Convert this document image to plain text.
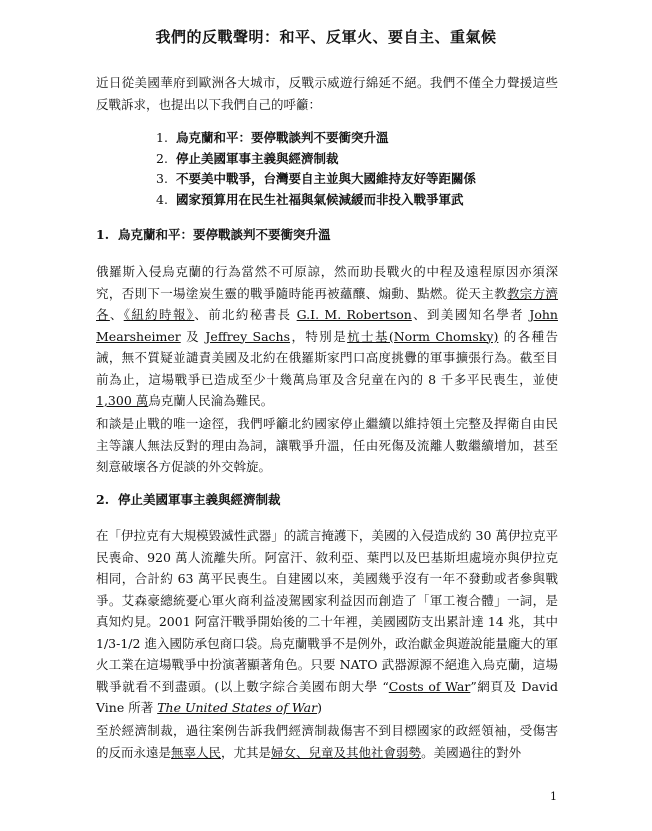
我們的反戰聲明：和平、反軍火、要自主、重氣候

近日從美國華府到歐洲各大城市，反戰示威遊行綿延不絕。我們不僅全力聲援這些反戰訴求，也提出以下我們自己的呼籲：

1. 烏克蘭和平：要停戰談判不要衝突升溫
2. 停止美國軍事主義與經濟制裁
3. 不要美中戰爭，台灣要自主並與大國維持友好等距關係
4. 國家預算用在民生社福與氣候減緩而非投入戰爭軍武
1. 烏克蘭和平：要停戰談判不要衝突升溫

俄羅斯入侵烏克蘭的行為當然不可原諒，然而助長戰火的中程及遠程原因亦須深究，否則下一場塗炭生靈的戰爭隨時能再被蘊釀、煽動、點燃。從天主教教宗方濟各、《紐約時報》、前北約秘書長 G.I. M. Robertson、到美國知名學者 John Mearsheimer 及 Jeffrey Sachs，特別是杭士基(Norm Chomsky) 的各種告誡，無不質疑並譴責美國及北約在俄羅斯家門口高度挑釁的軍事擴張行為。截至目前為止，這場戰爭已造成至少十幾萬烏軍及含兒童在內的 8 千多平民喪生，並使 1,300 萬烏克蘭人民淪為難民。

和談是止戰的唯一途徑，我們呼籲北約國家停止繼續以維持領土完整及捍衛自由民主等讓人無法反對的理由為詞，讓戰爭升溫，任由死傷及流離人數繼續增加，甚至刻意破壞各方促談的外交斡旋。

2. 停止美國軍事主義與經濟制裁

在「伊拉克有大規模毀滅性武器」的謊言掩護下，美國的入侵造成約 30 萬伊拉克平民喪命、920 萬人流離失所。阿富汗、敘利亞、葉門以及巴基斯坦處境亦與伊拉克相同，合計約 63 萬平民喪生。自建國以來，美國幾乎沒有一年不發動或者參與戰爭。艾森豪總統憂心軍火商利益凌駕國家利益因而創造了「軍工複合體」一詞，是真知灼見。2001 阿富汗戰爭開始後的二十年裡，美國國防支出累計達 14 兆，其中 1/3-1/2 進入國防承包商口袋。烏克蘭戰爭不是例外，政治獻金與遊說能量龐大的軍火工業在這場戰爭中扮演著顯著角色。只要 NATO 武器源源不絕進入烏克蘭，這場戰爭就看不到盡頭。(以上數字綜合美國布朗大學 “Costs of War”網頁及 David Vine 所著 The United States of War)

至於經濟制裁，過往案例告訴我們經濟制裁傷害不到目標國家的政經領袖，受傷害的反而永遠是無辜人民，尤其是婦女、兒童及其他社會弱勢。美國過往的對外

1
